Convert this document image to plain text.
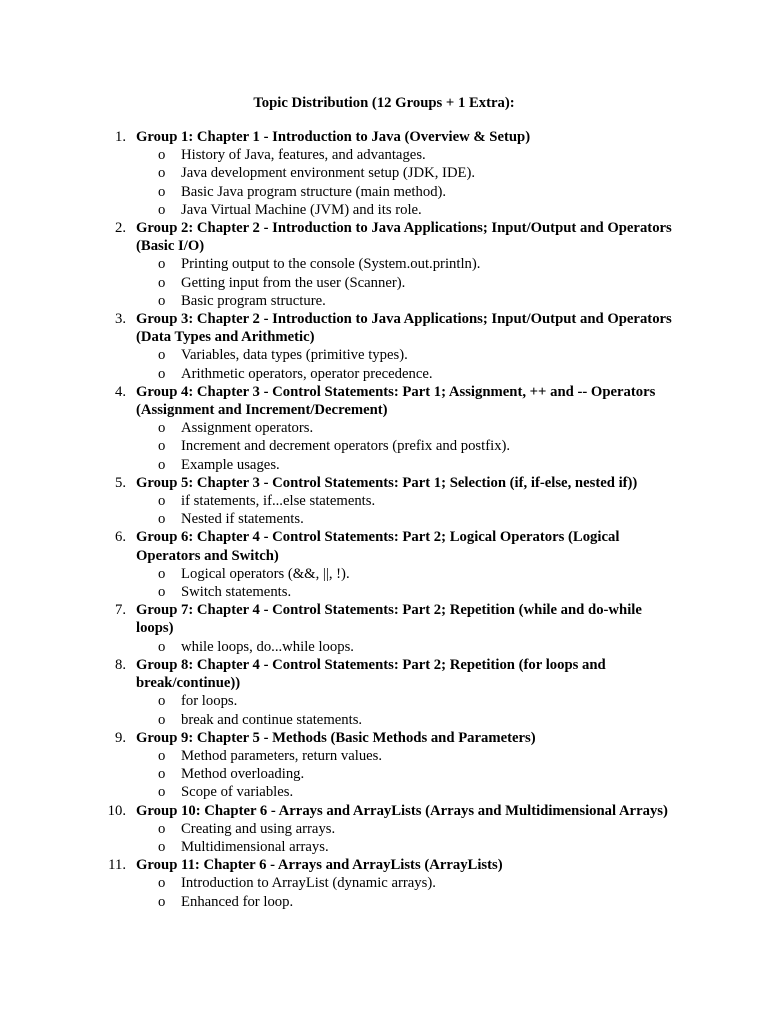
Topic Distribution (12 Groups + 1 Extra):

1. Group 1: Chapter 1 - Introduction to Java (Overview & Setup)
o History of Java, features, and advantages.
o Java development environment setup (JDK, IDE).
o Basic Java program structure (main method).
o Java Virtual Machine (JVM) and its role.
2. Group 2: Chapter 2 - Introduction to Java Applications; Input/Output and Operators (Basic I/O)
o Printing output to the console (System.out.println).
o Getting input from the user (Scanner).
o Basic program structure.
3. Group 3: Chapter 2 - Introduction to Java Applications; Input/Output and Operators (Data Types and Arithmetic)
o Variables, data types (primitive types).
o Arithmetic operators, operator precedence.
4. Group 4: Chapter 3 - Control Statements: Part 1; Assignment, ++ and -- Operators (Assignment and Increment/Decrement)
o Assignment operators.
o Increment and decrement operators (prefix and postfix).
o Example usages.
5. Group 5: Chapter 3 - Control Statements: Part 1; Selection (if, if-else, nested if))
o if statements, if...else statements.
o Nested if statements.
6. Group 6: Chapter 4 - Control Statements: Part 2; Logical Operators (Logical Operators and Switch)
o Logical operators (&&, ||, !).
o Switch statements.
7. Group 7: Chapter 4 - Control Statements: Part 2; Repetition (while and do-while loops)
o while loops, do...while loops.
8. Group 8: Chapter 4 - Control Statements: Part 2; Repetition (for loops and break/continue))
o for loops.
o break and continue statements.
9. Group 9: Chapter 5 - Methods (Basic Methods and Parameters)
o Method parameters, return values.
o Method overloading.
o Scope of variables.
10. Group 10: Chapter 6 - Arrays and ArrayLists (Arrays and Multidimensional Arrays)
o Creating and using arrays.
o Multidimensional arrays.
11. Group 11: Chapter 6 - Arrays and ArrayLists (ArrayLists)
o Introduction to ArrayList (dynamic arrays).
o Enhanced for loop.
